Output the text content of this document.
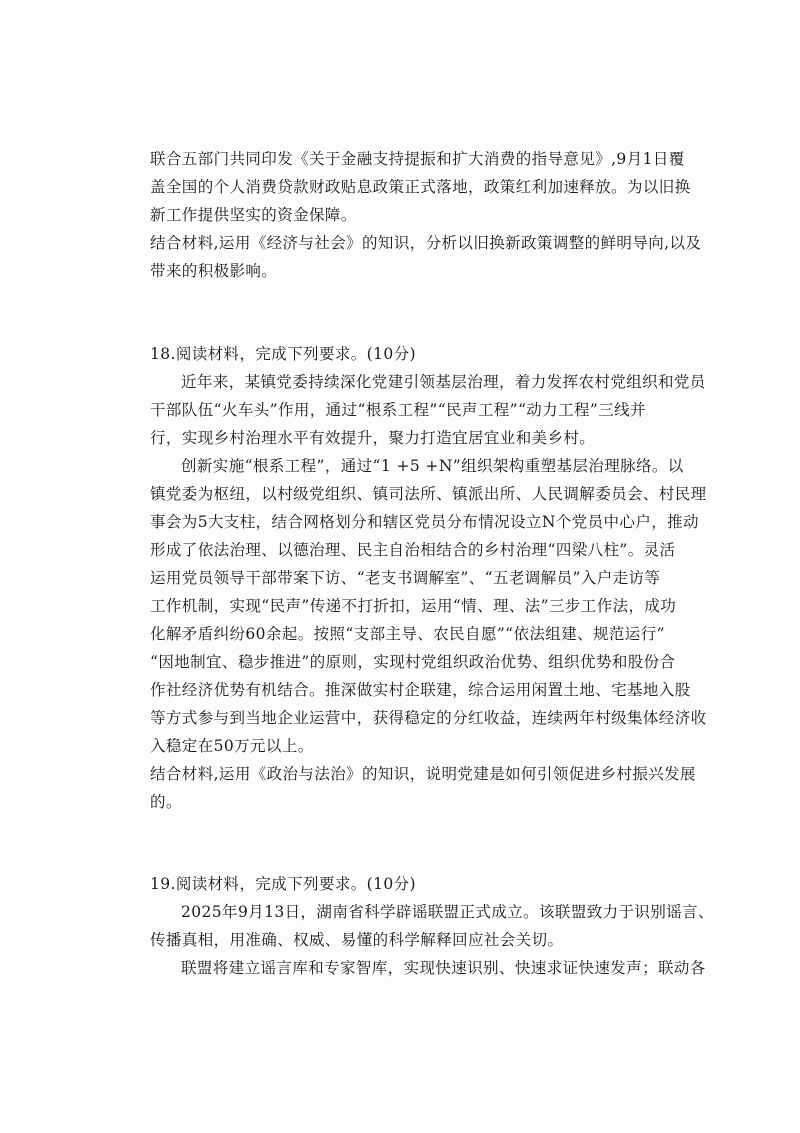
联合五部门共同印发《关于金融支持提振和扩大消费的指导意见》,9月1日覆
盖全国的个人消费贷款财政贴息政策正式落地，政策红利加速释放。为以旧换
新工作提供坚实的资金保障。
结合材料,运用《经济与社会》的知识，分析以旧换新政策调整的鲜明导向,以及
带来的积极影响。
18.阅读材料，完成下列要求。(10分)
近年来，某镇党委持续深化党建引领基层治理，着力发挥农村党组织和党员
干部队伍“火车头”作用，通过“根系工程”“民声工程”“动力工程”三线并
行，实现乡村治理水平有效提升，聚力打造宜居宜业和美乡村。
创新实施“根系工程”，通过“1 +5 +N”组织架构重塑基层治理脉络。以
镇党委为枢纽，以村级党组织、镇司法所、镇派出所、人民调解委员会、村民理
事会为5大支柱，结合网格划分和辖区党员分布情况设立N个党员中心户，推动
形成了依法治理、以德治理、民主自治相结合的乡村治理“四梁八柱”。灵活
运用党员领导干部带案下访、“老支书调解室”、“五老调解员”入户走访等
工作机制，实现“民声”传递不打折扣，运用“情、理、法”三步工作法，成功
化解矛盾纠纷60余起。按照“支部主导、农民自愿”“依法组建、规范运行”
“因地制宜、稳步推进”的原则，实现村党组织政治优势、组织优势和股份合
作社经济优势有机结合。推深做实村企联建，综合运用闲置土地、宅基地入股
等方式参与到当地企业运营中，获得稳定的分红收益，连续两年村级集体经济收
入稳定在50万元以上。
结合材料,运用《政治与法治》的知识，说明党建是如何引领促进乡村振兴发展
的。
19.阅读材料，完成下列要求。(10分)
2025年9月13日，湖南省科学辟谣联盟正式成立。该联盟致力于识别谣言、
传播真相，用准确、权威、易懂的科学解释回应社会关切。
联盟将建立谣言库和专家智库，实现快速识别、快速求证快速发声；联动各
